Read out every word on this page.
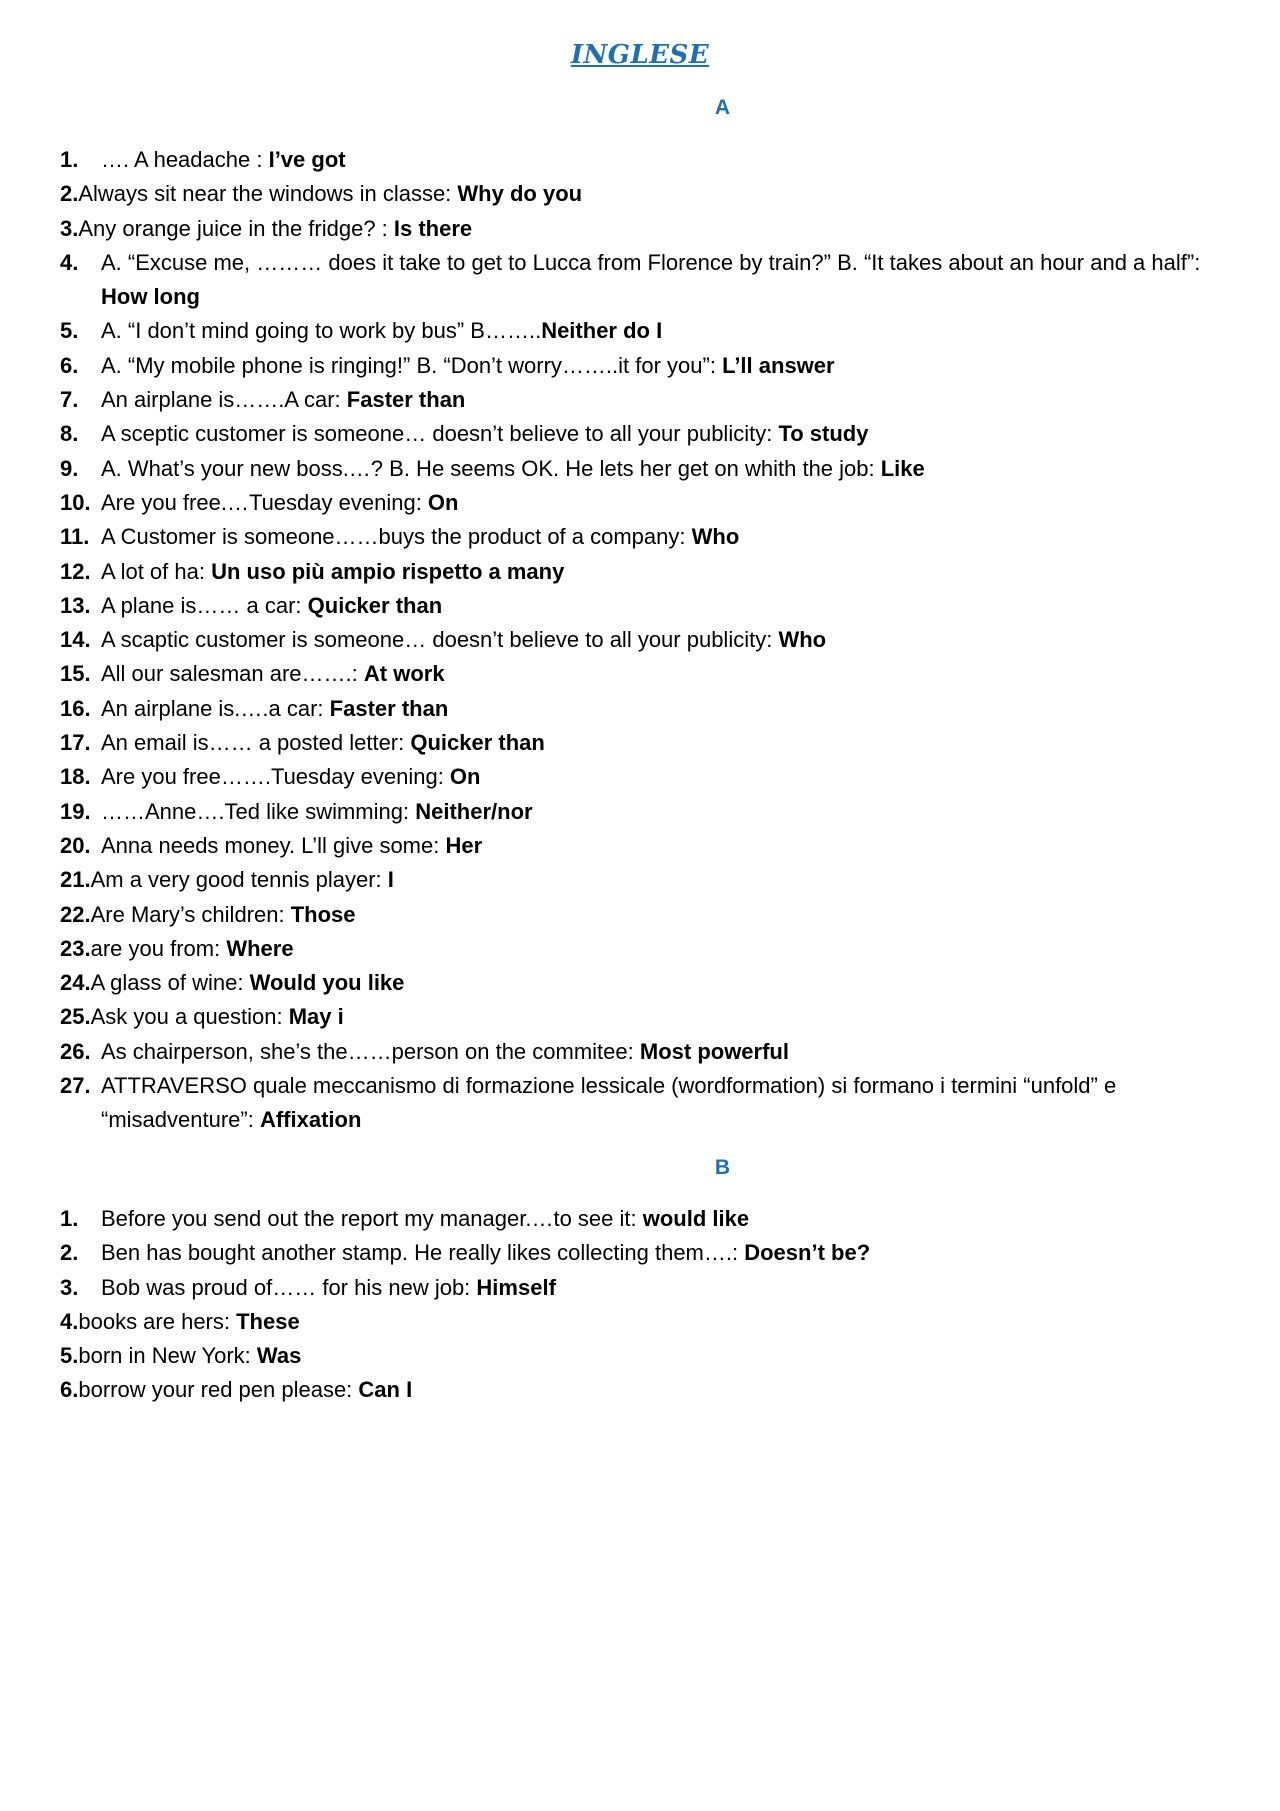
INGLESE
A
1. …. A headache : I’ve got
2.Always sit near the windows in classe: Why do you
3.Any orange juice in the fridge? : Is there
4. A. “Excuse me, ……… does it take to get to Lucca from Florence by train?” B. “It takes about an hour and a half”: How long
5. A. “I don’t mind going to work by bus” B……..Neither do I
6. A. “My mobile phone is ringing!” B. “Don’t worry……..it for you”: L’ll answer
7. An airplane is…….A car: Faster than
8. A sceptic customer is someone… doesn’t believe to all your publicity: To study
9. A. What’s your new boss.…? B. He seems OK. He lets her get on whith the job: Like
10. Are you free.…Tuesday evening: On
11. A Customer is someone……buys the product of a company: Who
12. A lot of ha: Un uso più ampio rispetto a many
13. A plane is…… a car: Quicker than
14. A scaptic customer is someone… doesn’t believe to all your publicity: Who
15. All our salesman are…….: At work
16. An airplane is.….a car: Faster than
17. An email is…… a posted letter: Quicker than
18. Are you free…….Tuesday evening: On
19. ……Anne….Ted like swimming: Neither/nor
20. Anna needs money. L’ll give some: Her
21.Am a very good tennis player: I
22.Are Mary’s children: Those
23.are you from: Where
24.A glass of wine: Would you like
25.Ask you a question: May i
26. As chairperson, she’s the……person on the commitee: Most powerful
27. ATTRAVERSO quale meccanismo di formazione lessicale (wordformation) si formano i termini “unfold” e “misadventure”: Affixation
B
1. Before you send out the report my manager.…to see it: would like
2. Ben has bought another stamp. He really likes collecting them….: Doesn’t be?
3. Bob was proud of…… for his new job: Himself
4.books are hers: These
5.born in New York: Was
6.borrow your red pen please: Can I
